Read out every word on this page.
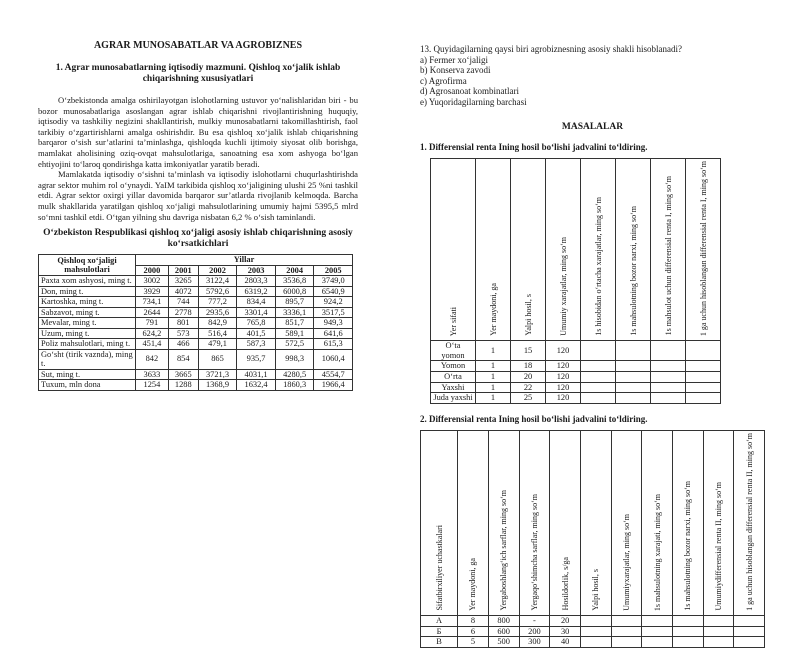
AGRAR MUNOSABATLAR VA AGROBIZNES
1. Agrar munosabatlarning iqtisodiy mazmuni. Qishloq xo‘jalik ishlab chiqarishning xususiyatlari

O‘zbekistonda amalga oshirilayotgan islohotlarning ustuvor yo‘nalishlaridan biri - bu bozor munosabatlariga asoslangan agrar ishlab chiqarishni rivojlantirishning huquqiy, iqtisodiy va tashkiliy negizini shakllantirish, mulkiy munosabatlarni takomillashtirish, faol tarkibiy o‘zgartirishlarni amalga oshirishdir. Bu esa qishloq xo‘jalik ishlab chiqarishning barqaror o‘sish sur’atlarini ta’minlashga, qishloqda kuchli ijtimoiy siyosat olib borishga, mamlakat aholisining oziq-ovqat mahsulotlariga, sanoatning esa xom ashyoga bo‘lgan ehtiyojini to‘laroq qondirishga katta imkoniyatlar yaratib beradi.

Mamlakatda iqtisodiy o‘sishni ta’minlash va iqtisodiy islohotlarni chuqurlashtirishda agrar sektor muhim rol o‘ynaydi. YaIM tarkibida qishloq xo‘jaligining ulushi 25 %ni tashkil etdi. Agrar sektor oxirgi yillar davomida barqaror sur’atlarda rivojlanib kelmoqda. Barcha mulk shakllarida yaratilgan qishloq xo‘jaligi mahsulotlarining umumiy hajmi 5395,5 mlrd so‘mni tashkil etdi. O‘tgan yilning shu davriga nisbatan 6,2 % o‘sish taminlandi.

O‘zbekiston Respublikasi qishloq xo‘jaligi asosiy ishlab chiqarishning asosiy ko‘rsatkichlari
Qishloq xo‘jaligi mahsulotlari	Yillar					
	2000	2001	2002	2003	2004	2005
Paxta xom ashyosi, ming t.	3002	3265	3122,4	2803,3	3536,8	3749,0
Don, ming t.	3929	4072	5792,6	6319,2	6000,8	6540,9
Kartoshka, ming t.	734,1	744	777,2	834,4	895,7	924,2
Sabzavot, ming t.	2644	2778	2935,6	3301,4	3336,1	3517,5
Mevalar, ming t.	791	801	842,9	765,8	851,7	949,3
Uzum, ming t.	624,2	573	516,4	401,5	589,1	641,6
Poliz mahsulotlari, ming t.	451,4	466	479,1	587,3	572,5	615,3
Go‘sht (tirik vaznda), ming t.	842	854	865	935,7	998,3	1060,4
Sut, ming t.	3633	3665	3721,3	4031,1	4280,5	4554,7
Tuxum, mln dona	1254	1288	1368,9	1632,4	1860,3	1966,4
13. Quyidagilarning qaysi biri agrobiznesning asosiy shakli hisoblanadi?
a) Fermer xo‘jaligi
b) Konserva zavodi
c) Agrofirma
d) Agrosanoat kombinatlari
e) Yuqoridagilarning barchasi
MASALALAR
1. Differensial renta Ining hosil bo‘lishi jadvalini to‘ldiring.
Yer sifati	Yer maydoni, ga	Yalpi hosil, s	Umumiy xarajatlar, ming so‘m	1s hisobidan o‘rtacha xarajatlar, ming so‘m	1s mahsulotning bozor narxi, ming so‘m	1s mahsulot uchun differensial renta I, ming so‘m	1 ga uchun hisoblangan differensial renta I, ming so‘m
O‘ta yomon	1	15	120				
Yomon	1	18	120				
O‘rta	1	20	120				
Yaxshi	1	22	120				
Juda yaxshi	1	25	120				
2. Differensial renta Ining hosil bo‘lishi jadvalini to‘ldiring.
Sifatbirxiliyer uchastkalari	Yer maydoni, ga	Yergaboshlang‘ich sarflar, ming so‘m	Yergaqo‘shimcha sarflar, ming so‘m	Hosildorlik, s/ga	Yalpi hosil, s	Umumiyxarajatlar, ming so‘m	1s mahsulotning xarajati, ming so‘m	1s mahsulotning bozor narxi, ming so‘m	Umumiydifferensial renta II, ming so‘m	1 ga uchun hisoblangan differensial renta II, ming so‘m
A	8	800	-	20						
Б	6	600	200	30						
B	5	500	300	40						
